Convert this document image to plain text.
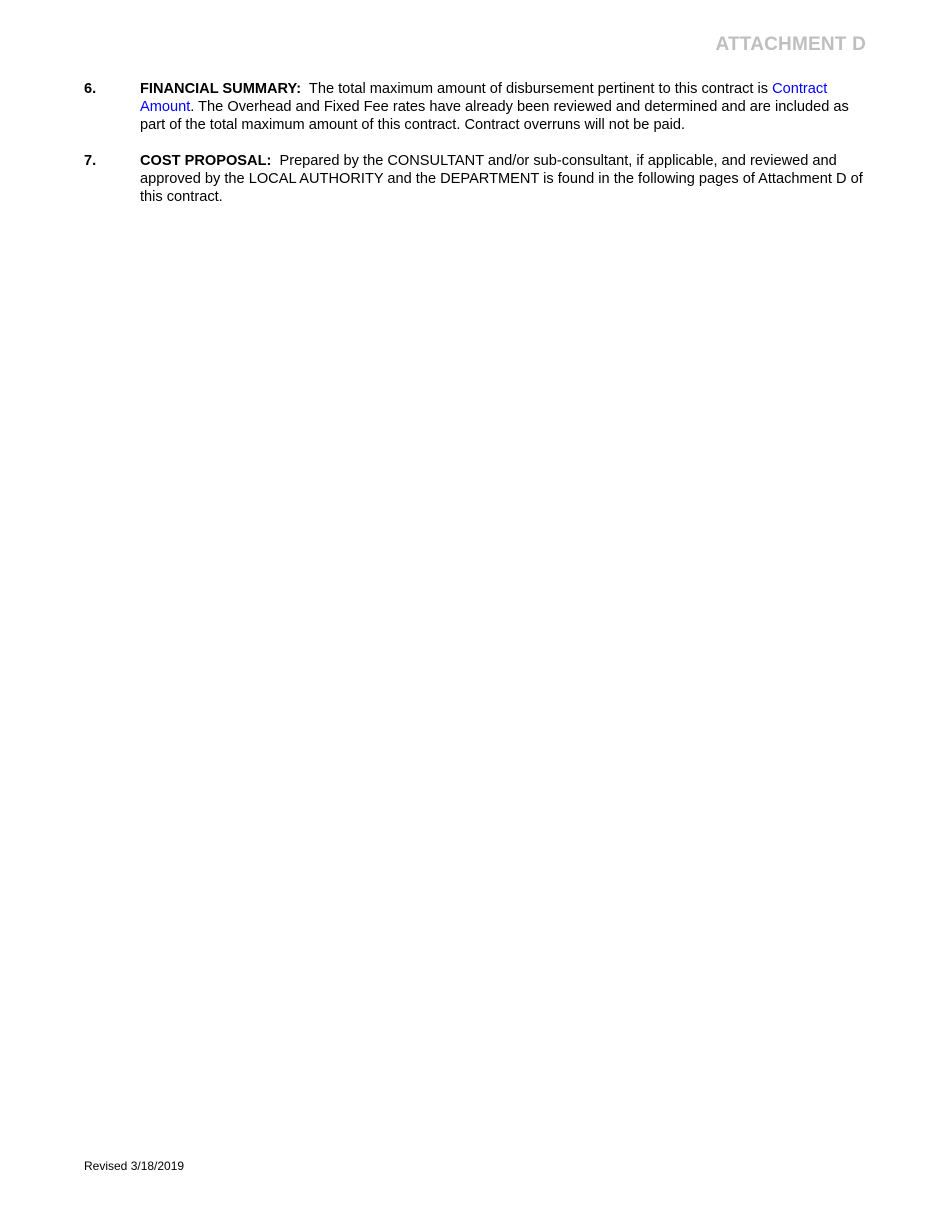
ATTACHMENT D
6.	FINANCIAL SUMMARY: The total maximum amount of disbursement pertinent to this contract is Contract Amount. The Overhead and Fixed Fee rates have already been reviewed and determined and are included as part of the total maximum amount of this contract. Contract overruns will not be paid.
7.	COST PROPOSAL: Prepared by the CONSULTANT and/or sub-consultant, if applicable, and reviewed and approved by the LOCAL AUTHORITY and the DEPARTMENT is found in the following pages of Attachment D of this contract.
Revised 3/18/2019
